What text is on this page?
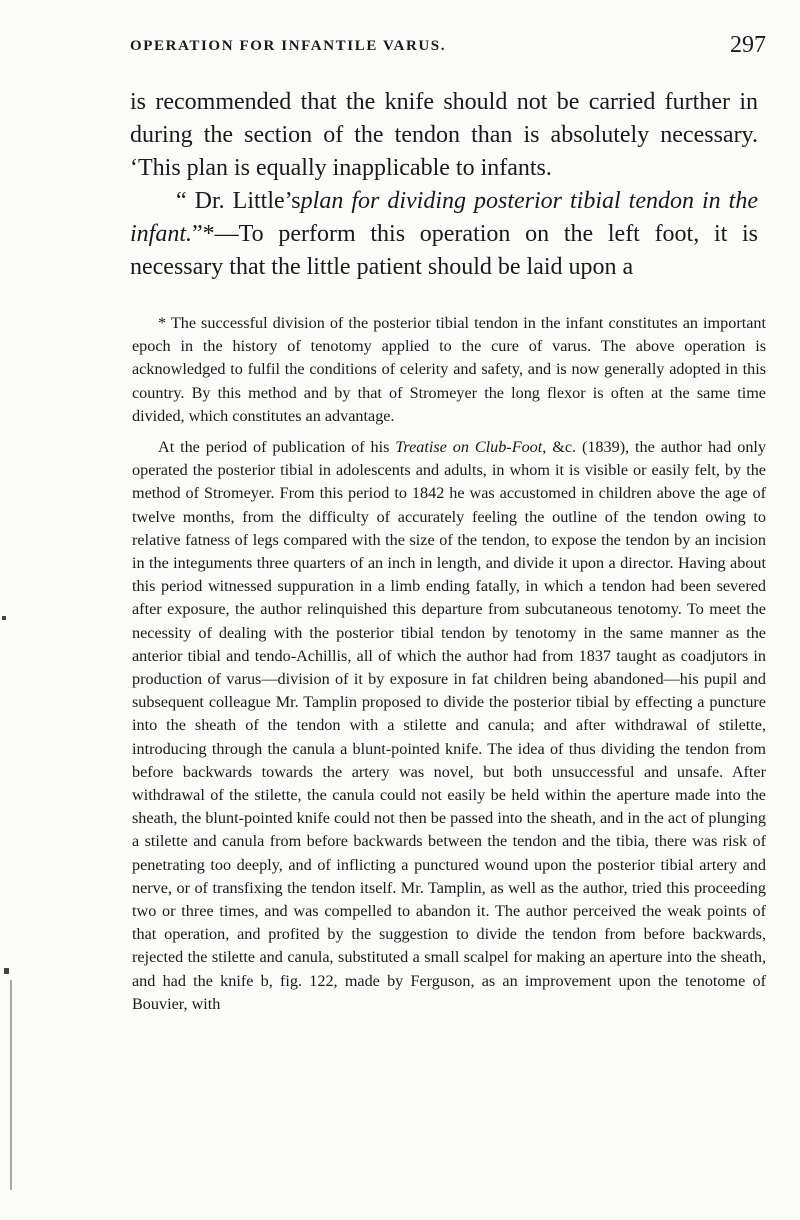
OPERATION FOR INFANTILE VARUS.	297

is recommended that the knife should not be carried further in during the section of the tendon than is absolutely necessary. ‘This plan is equally inapplicable to infants.

“ Dr. Little’splan for dividing posterior tibial tendon in the infant.”*—To perform this operation on the left foot, it is necessary that the little patient should be laid upon a

* The successful division of the posterior tibial tendon in the infant constitutes an important epoch in the history of tenotomy applied to the cure of varus. The above operation is acknowledged to fulfil the conditions of celerity and safety, and is now generally adopted in this country. By this method and by that of Stromeyer the long flexor is often at the same time divided, which constitutes an advantage.

At the period of publication of his Treatise on Club-Foot, &c. (1839), the author had only operated the posterior tibial in adolescents and adults, in whom it is visible or easily felt, by the method of Stromeyer. From this period to 1842 he was accustomed in children above the age of twelve months, from the difficulty of accurately feeling the outline of the tendon owing to relative fatness of legs compared with the size of the tendon, to expose the tendon by an incision in the integuments three quarters of an inch in length, and divide it upon a director. Having about this period witnessed suppuration in a limb ending fatally, in which a tendon had been severed after exposure, the author relinquished this departure from subcutaneous tenotomy. To meet the necessity of dealing with the posterior tibial tendon by tenotomy in the same manner as the anterior tibial and tendo-Achillis, all of which the author had from 1837 taught as coadjutors in production of varus—division of it by exposure in fat children being abandoned—his pupil and subsequent colleague Mr. Tamplin proposed to divide the posterior tibial by effecting a puncture into the sheath of the tendon with a stilette and canula; and after withdrawal of stilette, introducing through the canula a blunt-pointed knife. The idea of thus dividing the tendon from before backwards towards the artery was novel, but both unsuccessful and unsafe. After withdrawal of the stilette, the canula could not easily be held within the aperture made into the sheath, the blunt-pointed knife could not then be passed into the sheath, and in the act of plunging a stilette and canula from before backwards between the tendon and the tibia, there was risk of penetrating too deeply, and of inflicting a punctured wound upon the posterior tibial artery and nerve, or of transfixing the tendon itself. Mr. Tamplin, as well as the author, tried this proceeding two or three times, and was compelled to abandon it. The author perceived the weak points of that operation, and profited by the suggestion to divide the tendon from before backwards, rejected the stilette and canula, substituted a small scalpel for making an aperture into the sheath, and had the knife b, fig. 122, made by Ferguson, as an improvement upon the tenotome of Bouvier, with
